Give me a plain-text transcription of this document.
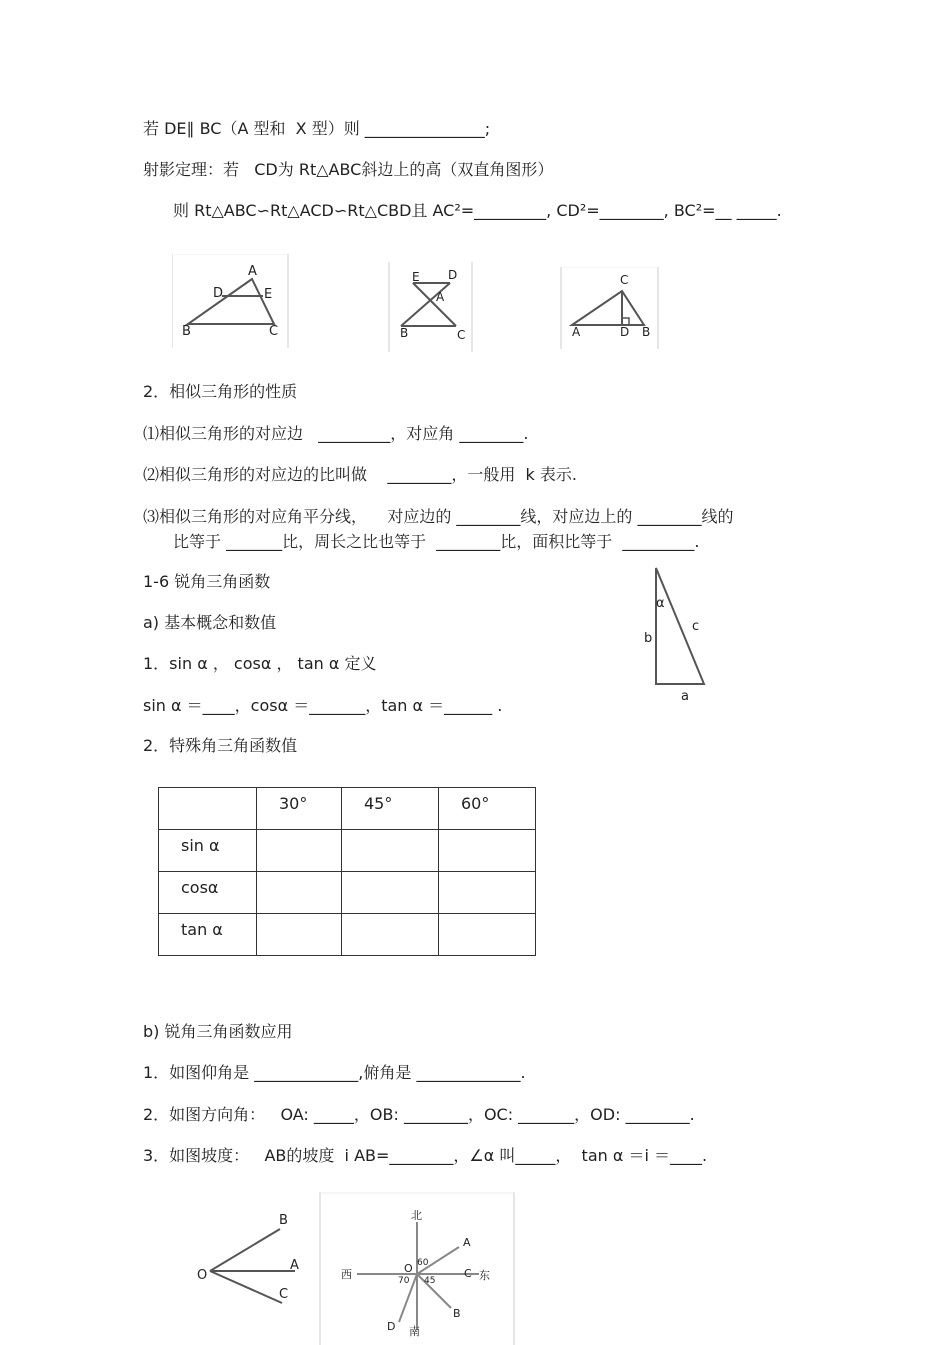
若 DE∥ BC（A 型和  X 型）则 _______________;
射影定理：若   CD为 Rt△ABC斜边上的高（双直角图形）
则 Rt△ABC∽Rt△ACD∽Rt△CBD且 AC²=_________, CD²=________, BC²=__ _____.
A
D	E
B	C
E D
A
B	C
C
A	D B
2．相似三角形的性质
⑴相似三角形的对应边   _________，对应角 ________.
⑵相似三角形的对应边的比叫做    ________，一般用  k 表示.
⑶相似三角形的对应角平分线，    对应边的 ________线，对应边上的 ________线的
比等于 _______比，周长之比也等于  ________比，面积比等于  _________.
1-6 锐角三角函数
a) 基本概念和数值
1．sin α ， cosα ， tan α 定义
sin α ＝____，cosα ＝_______，tan α ＝______ .
α
b
c
a
2．特殊角三角函数值

	30°	45°	60°

sin α			

cosα			

tan α			

b) 锐角三角函数应用
1．如图仰角是 _____________,俯角是 _____________.
2．如图方向角：   OA: _____，OB: ________，OC: _______，OD: ________.
3．如图坡度：   AB的坡度  i AB=________，∠α 叫_____，  tan α ＝i ＝____.
B
O
A
C
北
南
西	东
O
A
B
C
D
60
70 45
